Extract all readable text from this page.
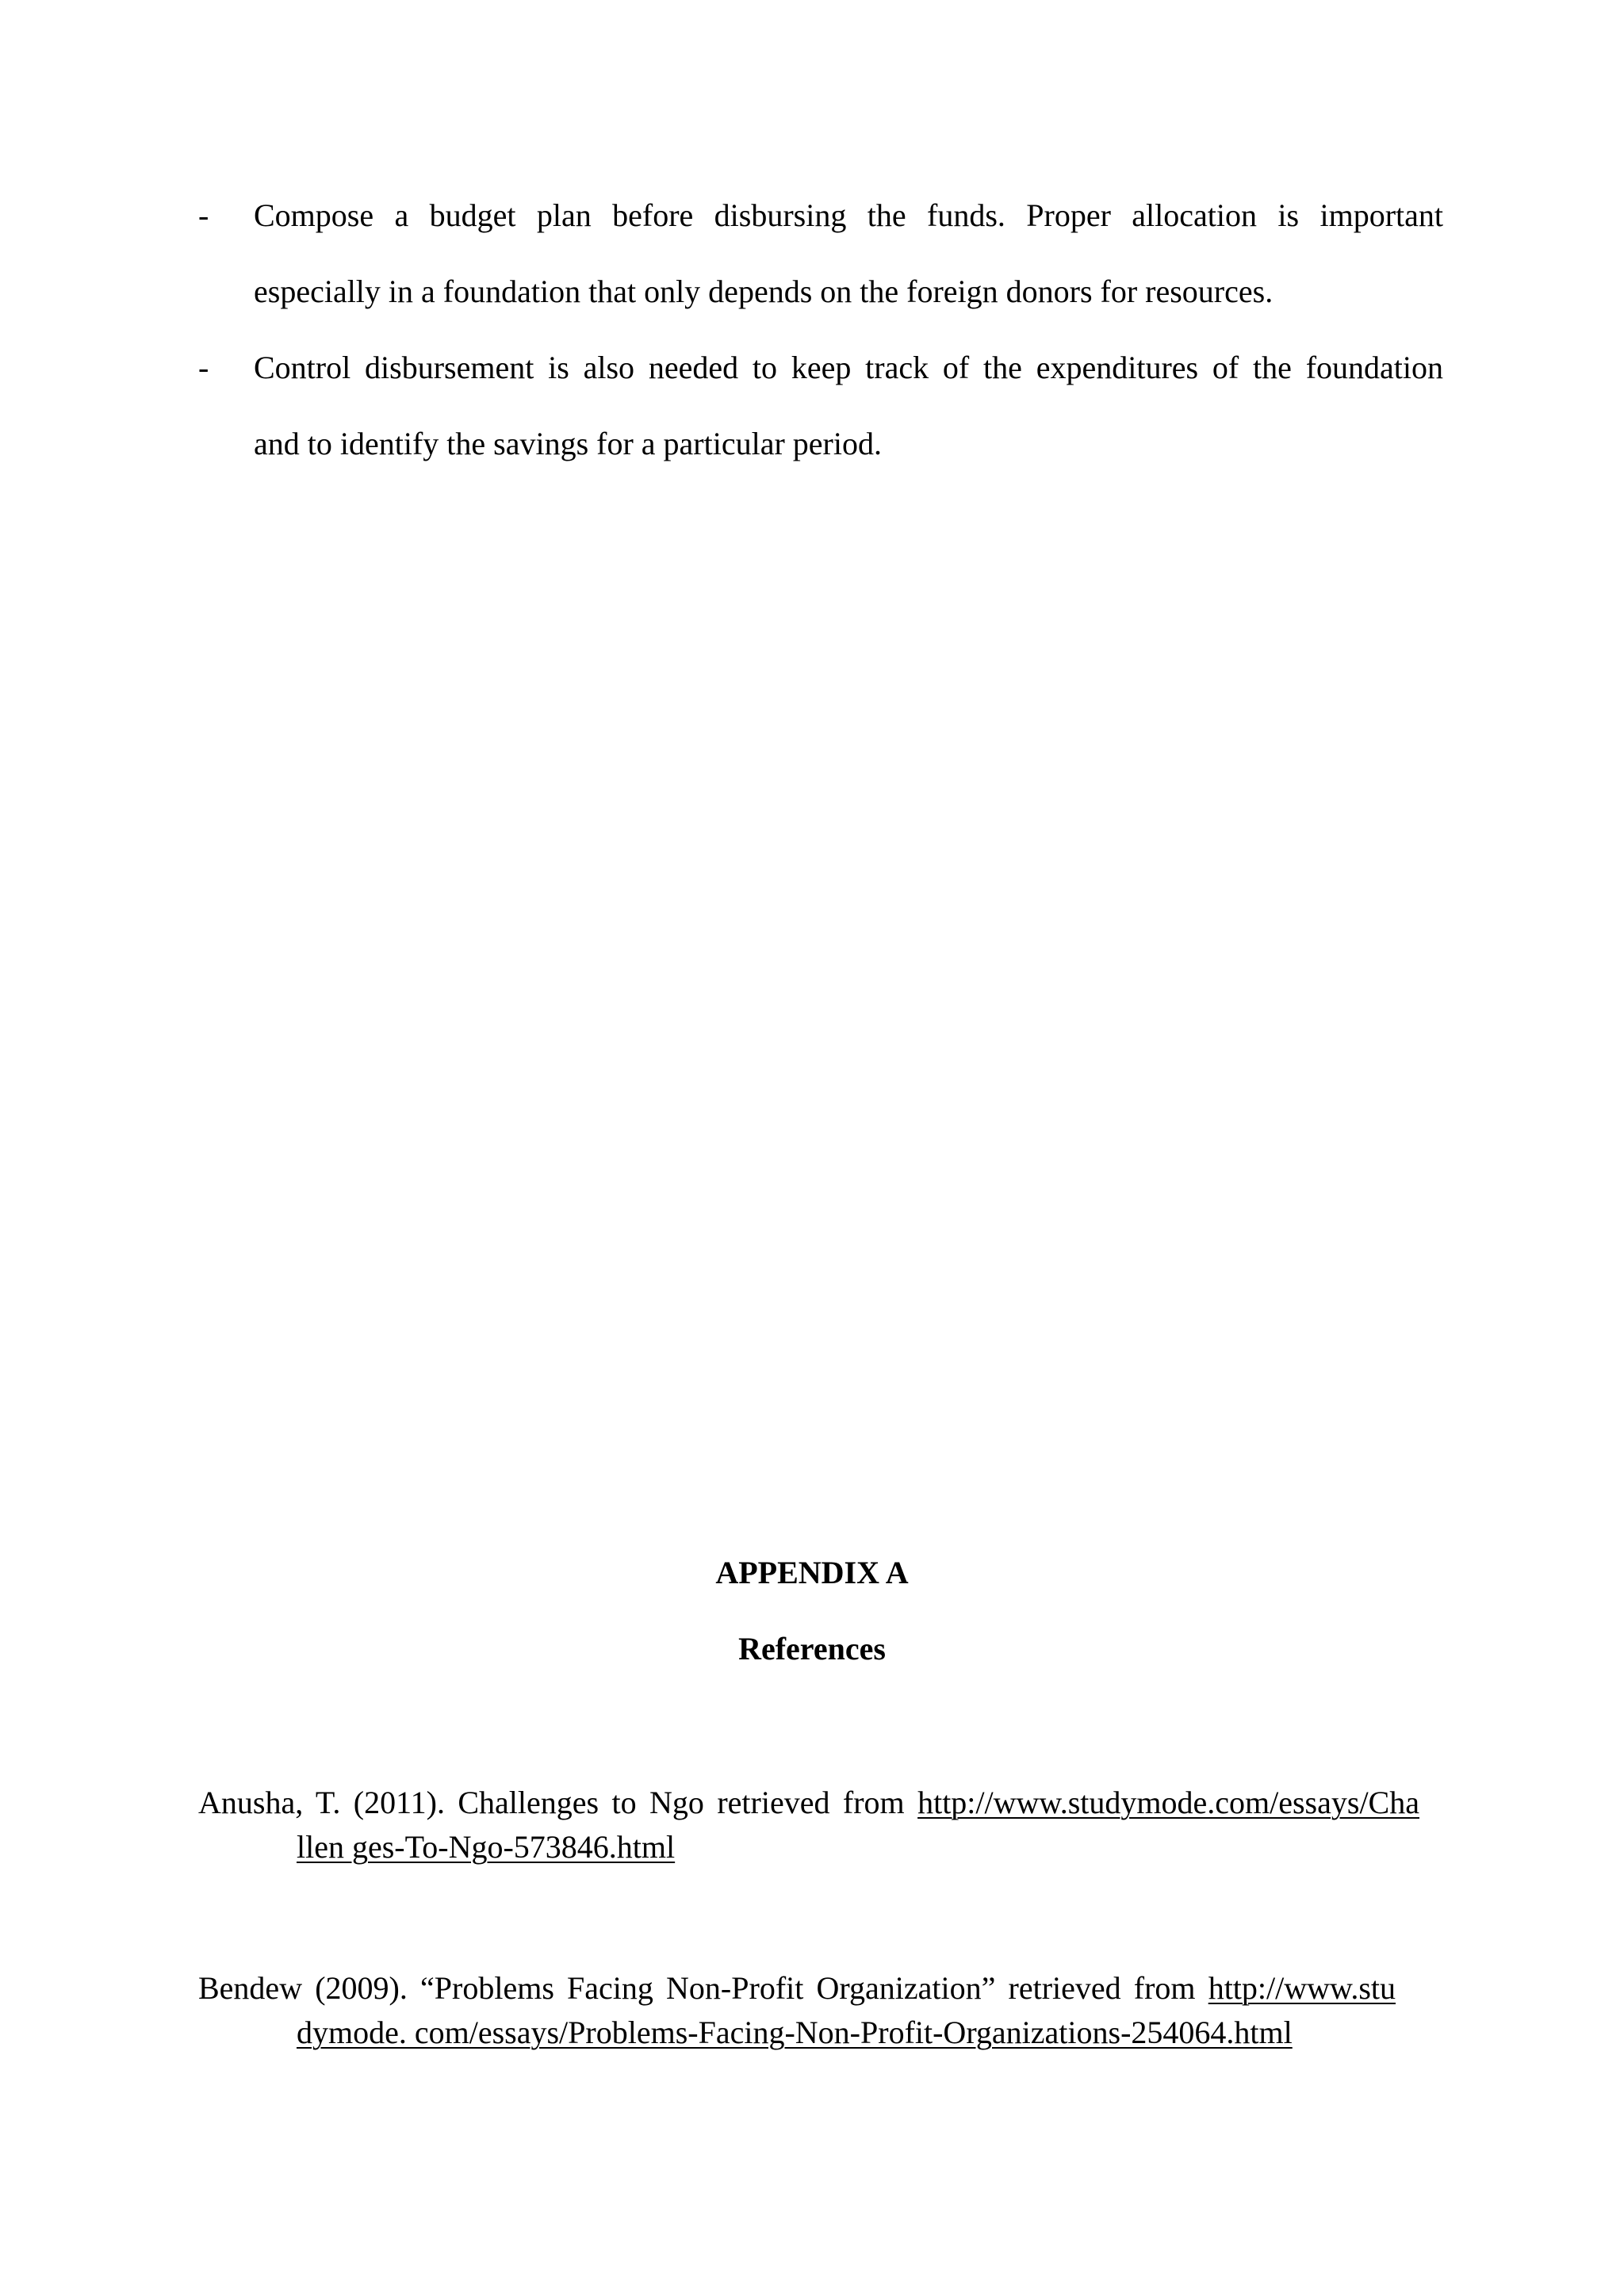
- Compose a budget plan before disbursing the funds. Proper allocation is important
especially in a foundation that only depends on the foreign donors for resources.
- Control disbursement is also needed to keep track of the expenditures of the foundation
and to identify the savings for a particular period.
APPENDIX A
References
Anusha, T. (2011). Challenges to Ngo retrieved from http://www.studymode.com/essays/Cha
llen ges-To-Ngo-573846.html
Bendew (2009). “Problems Facing Non-Profit Organization” retrieved from http://www.stu
dymode. com/essays/Problems-Facing-Non-Profit-Organizations-254064.html
